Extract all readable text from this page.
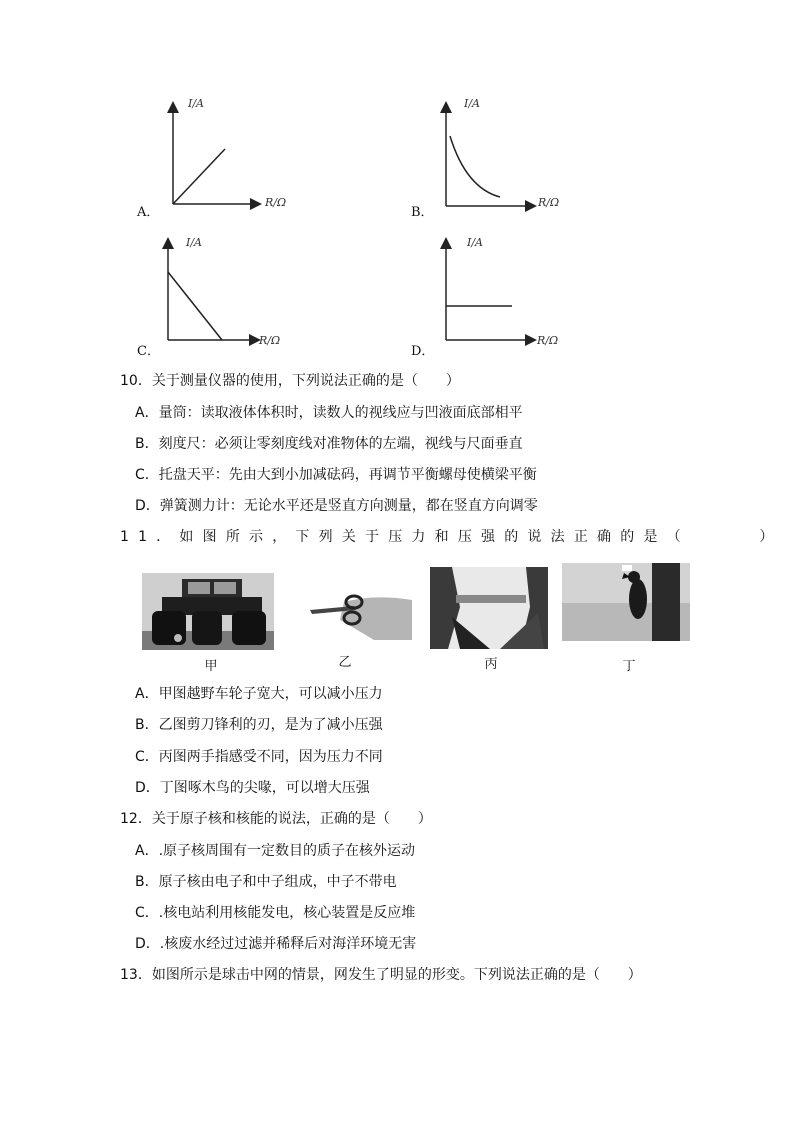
A．
I/A
R/Ω
B．
I/A
R/Ω
C．
I/A
R/Ω
D．
I/A
R/Ω
10．关于测量仪器的使用，下列说法正确的是（　　）
A．量筒：读取液体体积时，读数人的视线应与凹液面底部相平
B．刻度尺：必须让零刻度线对准物体的左端，视线与尺面垂直
C．托盘天平：先由大到小加减砝码，再调节平衡螺母使横梁平衡
D．弹簧测力计：无论水平还是竖直方向测量，都在竖直方向调零
11．如图所示，下列关于压力和压强的说法正确的是（　　　）
甲	乙	丙	丁
A．甲图越野车轮子宽大，可以减小压力
B．乙图剪刀锋利的刃，是为了减小压强
C．丙图两手指感受不同，因为压力不同
D．丁图啄木鸟的尖喙，可以增大压强
12．关于原子核和核能的说法，正确的是（　　）
A．.原子核周围有一定数目的质子在核外运动
B．原子核由电子和中子组成，中子不带电
C．.核电站利用核能发电，核心装置是反应堆
D．.核废水经过过滤并稀释后对海洋环境无害
13．如图所示是球击中网的情景，网发生了明显的形变。下列说法正确的是（　　）
